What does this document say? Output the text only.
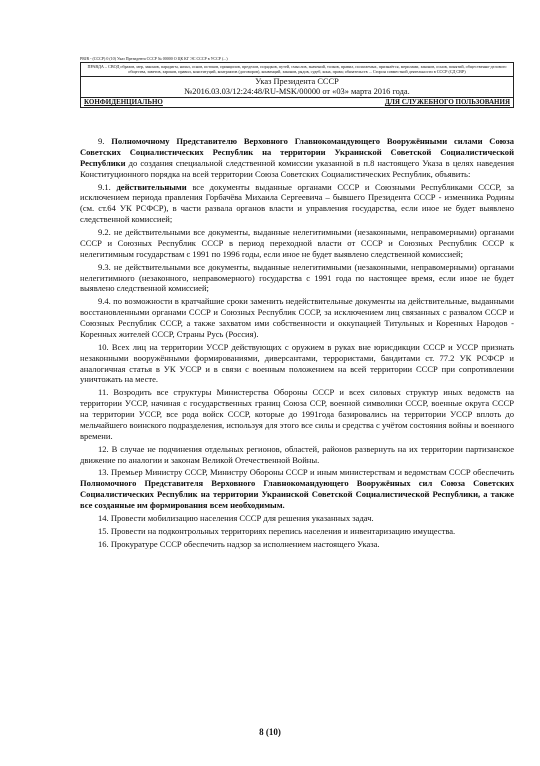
PRJR - (СССР) 0 (10) Указ Президента СССР № 00000 О ЦК КГ ЭС СССР в УССР (...)
ПРАВДА – СВОД образов, мер, законов, парадигм, начал, основ, истоков, принципов, пределов, порядков, путей, смыслов, значений, толков, правил, полагаемых, признаётся, мерилами, законов, основ, понятий, общественно-делового общества, заветов, зароков, правил, конституций, контрактов (договоров), конвенций, законов, рядов, судеб, кона, права; обязательств ... Сторон совместной деятельности в СССР (СД СВР)
Указ Президента СССР
№2016.03.03/12:24:48/RU-MSK/00000 от «03» марта 2016 года.
КОНФИДЕНЦИАЛЬНО	ДЛЯ СЛУЖЕБНОГО ПОЛЬЗОВАНИЯ

9. Полномочному Представителю Верховного Главнокомандующего Вооружёнными силами Союза Советских Социалистических Республик на территории Украинской Советской Социалистической Республики до создания специальной следственной комиссии указанной в п.8 настоящего Указа в целях наведения Конституционного порядка на всей территории Союза Советских Социалистических Республик, объявить:

9.1. действительными все документы выданные органами СССР и Союзными Республиками СССР, за исключением периода правления Горбачёва Михаила Сергеевича – бывшего Президента СССР - изменника Родины (см. ст.64 УК РСФСР), в части развала органов власти и управления государства, если иное не будет выявлено следственной комиссией;

9.2. не действительными все документы, выданные нелегитимными (незаконными, неправомерными) органами СССР и Союзных Республик СССР в период переходной власти от СССР и Союзных Республик СССР к нелегитимным государствам с 1991 по 1996 годы, если иное не будет выявлено следственной комиссией;

9.3. не действительными все документы, выданные нелегитимными (незаконными, неправомерными) органами нелегитимного (незаконного, неправомерного) государства с 1991 года по настоящее время, если иное не будет выявлено следственной комиссией;

9.4. по возможности в кратчайшие сроки заменить недействительные документы на действительные, выданными восстановленными органами СССР и Союзных Республик СССР, за исключением лиц связанных с развалом СССР и Союзных Республик СССР, а также захватом ими собственности и оккупацией Титульных и Коренных Народов - Коренных жителей СССР, Страны Русь (Россия).

10. Всех лиц на территории УССР действующих с оружием в руках вне юрисдикции СССР и УССР признать незаконными вооружёнными формированиями, диверсантами, террористами, бандитами ст. 77.2 УК РСФСР и аналогичная статья в УК УССР и в связи с военным положением на всей территории СССР при сопротивлении уничтожать на месте.

11. Возродить все структуры Министерства Обороны СССР и всех силовых структур иных ведомств на территории УССР, начиная с государственных границ Союза ССР, военной символики СССР, военные округа СССР на территории УССР, все рода войск СССР, которые до 1991года базировались на территории УССР вплоть до мельчайшего воинского подразделения, используя для этого все силы и средства с учётом состояния войны и военного времени.

12. В случае не подчинения отдельных регионов, областей, районов развернуть на их территории партизанское движение по аналогии и законам Великой Отечественной Войны.

13. Премьер Министру СССР, Министру Обороны СССР и иным министерствам и ведомствам СССР обеспечить Полномочного Представителя Верховного Главнокомандующего Вооружённых сил Союза Советских Социалистических Республик на территории Украинской Советской Социалистической Республики, а также все созданные им формирования всем необходимым.

14. Провести мобилизацию населения СССР для решения указанных задач.

15. Провести на подконтрольных территориях перепись населения и инвентаризацию имущества.

16. Прокуратуре СССР обеспечить надзор за исполнением настоящего Указа.

8 (10)
